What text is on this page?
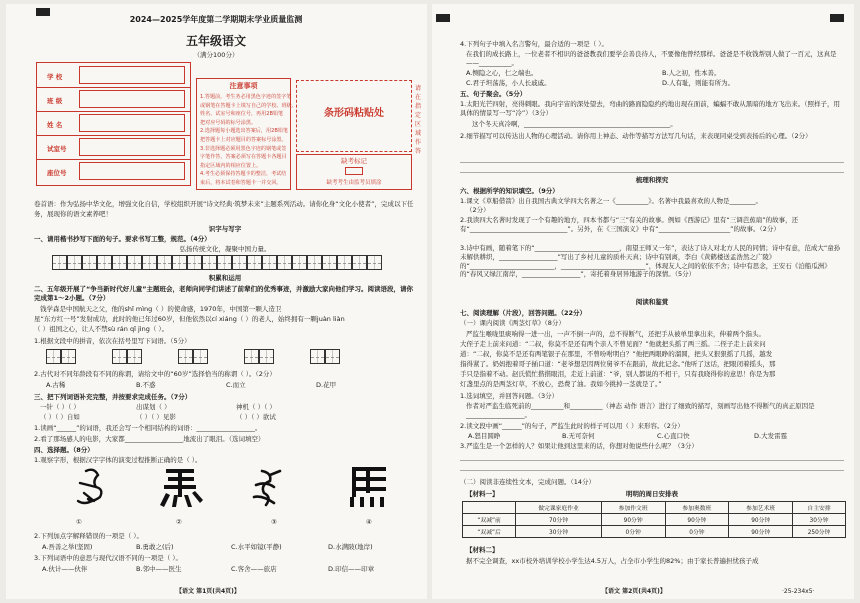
2024—2025学年度第二学期期末学业质量监测
五年级语文
（满分100分）
学 校
班 级
姓 名
试室号
座位号
注意事项
1.答题前，考生务必用黑色字迹的签字笔
或钢笔在答题卡上填写自己的学校、班级、
姓名、试室号和座位号，再用2B铅笔
把对应号码的标号涂黑。
2.选择题每小题选出答案后，用2B铅笔
把答题卡上对应题目的答案标号涂黑。
3.非选择题必须用黑色字迹的钢笔或签
字笔作答，答案必须写在答题卡各题目
指定区域内的相应位置上。
4.考生必须保持答题卡的整洁，考试结
束后，将本试卷和答题卡一并交回。
条形码粘贴处
缺考标记
缺考考生由监考员填涂
请在指定区域作答
卷首语：作为弘扬中华文化，增强文化自信，学校组织开展“诗文经典·筑梦未来”主题系列活动。请你化身“文化小使者”，完成以下任务，展现你的语文素养吧！
识字与写字
一、请用楷书抄写下面的句子。要求书写工整，规范。（4分）
弘扬传统文化，凝聚中国力量。
积累和运用
二、五年级开展了“争当新时代好儿童”主题班会，老师向同学们讲述了前辈们的优秀事迹，并激励大家向他们学习。阅读语段，请你完成第1～2小题。（7分）
钱学森是中国航天之父，他的shǐ mìng（ ）的使命感，1970年，中国第一颗人造卫
星“东方红一号”发射成功，此时的他已年过60岁，但他依然以cí xiáng（ ）的老人，始终拥有一颗juàn liàn
（ ）祖国之心，让人不禁sù rán qǐ jìng（ ）。
1.根据文段中的拼音，依次在括号里写下词语。（5分）
2.古代对不同年龄段有不同的称谓，请给文中的“60岁”选择恰当的称谓（ ）。（2分）
A.古稀	B.不惑	C.而立	D.花甲
三、把下列词语补充完整，并按要求完成任务。（7分）
一针（ ）（ ）	出谋划（ ）	神机（ ）（ ）
（ ）（ ）自如	（ ）（ ）见影	（ ）（ ）欲试
1.读画“______”的词语，我还会写一个相同结构的词语：__________________。
2.看了那场感人的电影，大家都__________________地流出了眼泪。（选词填空）
四、选择题。（8分）
1.观察字形，根据汉字字体的演变过程推断正确的是（ ）。
①	②	③	④
2.下列加点字解释错误的一项是（ ）。
A.吾善之举(坚固)	B.勇敢之(后)	C.水平如镜(平静)	D.水满陂(地岸)
3.下列词语中的意思与现代汉语不同的一项是（ ）。
A.伙计——伙伴	B.邻中——医生	C.客舍——旅店	D.印信——印章
【语文 第1页(共4页)】
4.下列句子中填入名言警句，最合适的一项是（ ）。
在我们的成长路上，一位老者不相识的爸爸教我们要学会善良待人，不要像他曾经那样。爸爸是不收钱帮别人做了一百元，这真是——__________。
A.恻隐之心，仁之端也。	B.人之初，性本善。
C.君子坦荡荡，小人长戚戚。	D.人有耻，则能有所为。
五、句子聚会。（5分）
1.太阳光芒四射，亮得刺眼。我向宇宙的深处望去，弯曲的路面隐隐约约地出现在面前，蝙蝠不敢从黑暗的地方飞出来。（照样子，用具体的情景写一写“冷”）（3分）
这个冬天真冷啊，_____________________________________________。
2.细节描写可以传达出人物的心理活动。请你用上神态、动作等描写方法写几句话，来表现同桌受到表扬后的心理。（2分）
梳理和探究
六、根据所学的知识填空。（9分）
1.课文《草船借箭》出自我国古典文学四大名著之一《__________》。名著中我最喜欢的人物是________。
（2分）
2.我读四大名著时发现了一个有趣的地方，四本书都与“三”有关的故事。例如《西游记》里有“三调芭蕉扇”的故事，还有“______________________________”。另外，在《三国演义》中有“______________________”的故事。（2分）
3.诗中有画，随着笔下的“__________________________，南望王师又一年”，表达了诗人对北方人民的同情；诗中有意，范成大“童孙未解供耕织，__________________”写出了乡村儿童的质朴天真；诗中有别离，李白《黄鹤楼送孟浩然之广陵》的“__________________________，__________________________”，体现友人之间的依依不舍；诗中有思念，王安石《泊船瓜洲》的“春风又绿江南岸，__________________”，寄托着身居异地游子的深情。（5分）
阅读和鉴赏
七、阅读理解（片段），回答问题。（22分）
（一）课内阅读《两茎灯草》（8分）
严监生喉咙里痰响得一进一出，一声不倒一声的，总不得断气，还把手从被单里拿出来，伸着两个指头。
大侄子走上前来问道：“二叔，你莫不是还有两个亲人不曾见面？”他就把头摇了两三摇。二侄子走上前来问
道：“二叔，你莫不是还有两笔银子在那里，不曾吩咐明白？”他把两眼睁的溜圆，把头又狠狠摇了几摇，越发
指得紧了。奶妈抱着哥子插口道：“老爷想是因两位舅爷不在跟前，故此记念。”他听了这话，把眼闭着摇头，那
手只是指着不动。赵氏慌忙揩揩眼泪，走近上前道：“爷，别人都说的不相干，只有我晓得你的意思！你是为那
灯盏里点的是两茎灯草，不放心，恐费了油。我如今挑掉一茎就是了。”
1.选词填空，并回答问题。（3分）
作者对严监生临死前的__________和__________（神态 动作 语言）进行了细致的描写，刻画写出他不得断气的真正原因是__________________。
2.读文段中画“______”的句子，严监生此时的样子可以用（ ）来形容。（2分）
A.怒目圆睁	B.无可奈何	C.心直口快	D.大发雷霆
3.严监生是一个怎样的人？如果让他到这里来的话，你想对他说些什么呢？（3分）
（二）阅读非连续性文本，完成问题。（14分）
【材料一】	明明的周日安排表
	做完课家庭作业	参加作文班	参加奥数班	参加艺术班	自主安排
“双减”前	70分钟	90分钟	90分钟	90分钟	30分钟
“双减”后	30分钟	0分钟	0分钟	90分钟	250分钟
【材料二】
据不完全调查，xx市校外培训学校小学生达4.5万人，占全市小学生的82%；由于家长普遍担忧孩子成
【语文 第2页(共4页)】	·25-234x5·
